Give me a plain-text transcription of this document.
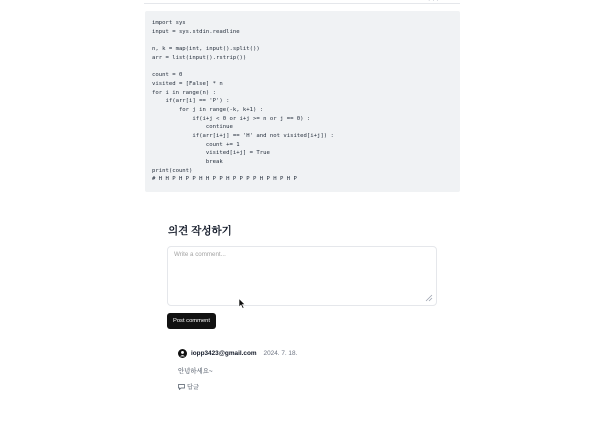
· · ·
import sys
input = sys.stdin.readline
n, k = map(int, input().split())
arr = list(input().rstrip())
count = 0
visited = [False] * n
for i in range(n) :
if(arr[i] == 'P') :
for j in range(-k, k+1) :
if(i+j < 0 or i+j >= n or j == 0) :
continue
if(arr[i+j] == 'H' and not visited[i+j]) :
count += 1
visited[i+j] = True
break
print(count)
# H H P H P P H H P P H P P P P H P H P H P
의견 작성하기
Write a comment...
Post comment
iopp3423@gmail.com 2024. 7. 18.
안녕하세요~
답글
